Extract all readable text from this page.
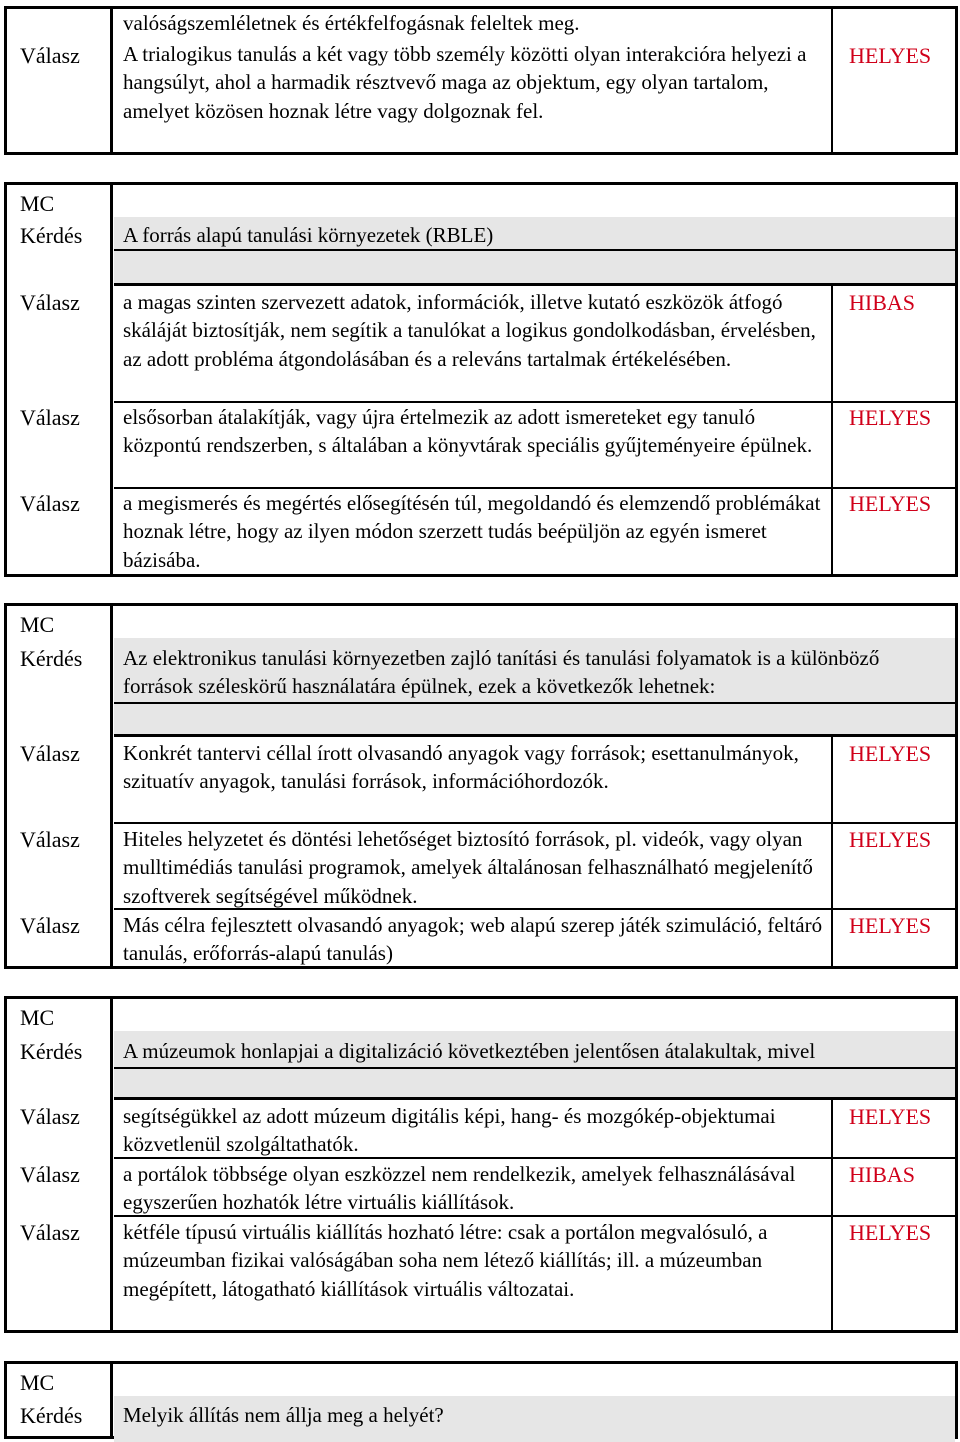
valóságszemléletnek és értékfelfogásnak feleltek meg.
Válasz A trialogikus tanulás a két vagy több személy közötti olyan interakcióra helyezi a hangsúlyt, ahol a harmadik résztvevő maga az objektum, egy olyan tartalom, amelyet közösen hoznak létre vagy dolgoznak fel.
HELYES
MC
Kérdés A forrás alapú tanulási környezetek (RBLE)
Válasz a magas szinten szervezett adatok, információk, illetve kutató eszközök átfogó skáláját biztosítják, nem segítik a tanulókat a logikus gondolkodásban, érvelésben, az adott probléma átgondolásában és a releváns tartalmak értékelésében.
HIBAS
Válasz elsősorban átalakítják, vagy újra értelmezik az adott ismereteket egy tanuló központú rendszerben, s általában a könyvtárak speciális gyűjteményeire épülnek.
HELYES
Válasz a megismerés és megértés elősegítésén túl, megoldandó és elemzendő problémákat hoznak létre, hogy az ilyen módon szerzett tudás beépüljön az egyén ismeret bázisába.
HELYES
MC
Kérdés Az elektronikus tanulási környezetben zajló tanítási és tanulási folyamatok is a különböző források széleskörű használatára épülnek, ezek a következők lehetnek:
Válasz Konkrét tantervi céllal írott olvasandó anyagok vagy források; esettanulmányok, szituatív anyagok, tanulási források, információhordozók.
HELYES
Válasz Hiteles helyzetet és döntési lehetőséget biztosító források, pl. videók, vagy olyan mulltimédiás tanulási programok, amelyek általánosan felhasználható megjelenítő szoftverek segítségével működnek.
HELYES
Válasz Más célra fejlesztett olvasandó anyagok; web alapú szerep játék szimuláció, feltáró tanulás, erőforrás-alapú tanulás)
HELYES
MC
Kérdés A múzeumok honlapjai a digitalizáció következtében jelentősen átalakultak, mivel
Válasz segítségükkel az adott múzeum digitális képi, hang- és mozgókép-objektumai közvetlenül szolgáltathatók.
HELYES
Válasz a portálok többsége olyan eszközzel nem rendelkezik, amelyek felhasználásával egyszerűen hozhatók létre virtuális kiállítások.
HIBAS
Válasz kétféle típusú virtuális kiállítás hozható létre: csak a portálon megvalósuló, a múzeumban fizikai valóságában soha nem létező kiállítás; ill. a múzeumban megépített, látogatható kiállítások virtuális változatai.
HELYES
MC
Kérdés Melyik állítás nem állja meg a helyét?
